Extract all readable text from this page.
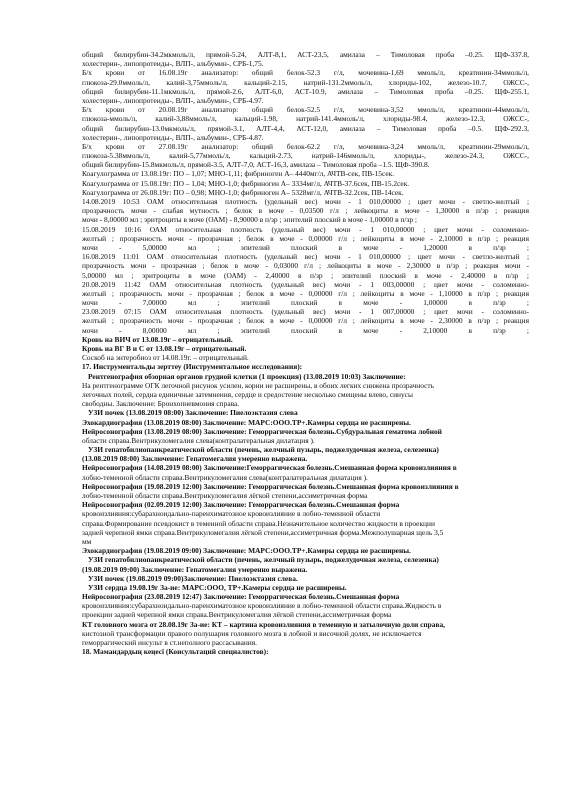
общий билирубин-34.2мкмоль/л, прямой-5.24, АЛТ-8,1, АСТ-23,5, амилаза – Тимоловая проба –0.25. ЩФ-337.8,
холестерин-, липопротеиды-, ВЛП-, альбумин-, СРБ-1,75.
Б/х крови от 16.08.19г анализатор: общий белок-52.3 г/л, мочевина-1,69 ммоль/л, креатинин-34ммоль/л,
глюкоза-29.0ммоль/л, калий-3,75ммоль/л, кальций-2.15, натрий-131.2ммоль/л, хлориды-102, железо-10.7, ОЖСС-,
общий билирубин-11.1мкмоль/л, прямой-2.6, АЛТ-6,0, АСТ-10.9, амилаза – Тимоловая проба –0.25. ЩФ-255.1,
холестерин-, липопротеиды-, ВЛП-, альбумин-, СРБ-4.97.
Б/х крови от 20.08.19г анализатор: общий белок-52.5 г/л, мочевина-3,52 ммоль/л, креатинин-44ммоль/л,
глюкоза-ммоль/л, калий-3,88ммоль/л, кальций-1.98, натрий-141.4ммоль/л, хлориды-98.4, железо-12.3, ОЖСС-,
общий билирубин-13.0мкмоль/л, прямой-3.1, АЛТ-4,4, АСТ-12,0, амилаза – Тимоловая проба –0.5. ЩФ-292.3,
холестерин-, липопротеиды-, ВЛП-, альбумин-, СРБ-4.87.
Б/х крови от 27.08.19г анализатор: общий белок-62.2 г/л, мочевина-3,24 ммоль/л, креатинин-29ммоль/л,
глюкоза-5.38ммоль/л, калий-5,77ммоль/л, кальций-2.73, натрий-146ммоль/л, хлориды-, железо-24.3, ОЖСС-,
общий билирубин-15.8мкмоль/л, прямой-3.5, АЛТ-7,0, АСТ-16,3, амилаза – Тимоловая проба –1.5. ЩФ-390.8.
Коагулограмма от 13.08.19г: ПО – 1,07; МНО-1,11; фибриноген А– 4440мг/л, АЧТВ-сек, ПВ-15сек.
Коагулограмма от 15.08.19г: ПО – 1,04; МНО-1,0; фибриноген А– 3334мг/л, АЧТВ-37.6сек, ПВ-15.2сек.
Коагулограмма от 26.08.19г: ПО – 0,98; МНО-1,0; фибриноген А– 5328мг/л, АЧТВ-32.2сек, ПВ-14сек.
14.08.2019 10:53 ОАМ относительная плотность (удельный вес) мочи - 1 010,00000 ; цвет мочи - светло-желтый ;
прозрачность мочи - слабая мутность ; белок в моче - 0,03500 г/л ; лейкоциты в моче - 1,30000 в п/зр ; реакция
мочи - 8,00000 мл ; эритроциты в моче (ОАМ) - 8,90000 в п/зр ; эпителий плоский в моче - 1,00000 в п/зр ;
15.08.2019 10:16 ОАМ относительная плотность (удельный вес) мочи - 1 010,00000 ; цвет мочи - соломенно-
желтый ; прозрачность мочи - прозрачная ; белок в моче - 0,00000 г/л ; лейкоциты в моче - 2,10000 в п/зр ; реакция
мочи - 5,00000 мл ; эпителий плоский в моче - 1,20000 в п/зр ;
16.08.2019 11:01 ОАМ относительная плотность (удельный вес) мочи - 1 010,00000 ; цвет мочи - светло-желтый ;
прозрачность мочи - прозрачная ; белок в моче - 0,03000 г/л ; лейкоциты в моче - 2,30000 в п/зр ; реакция мочи -
5,00000 мл ; эритроциты в моче (ОАМ) - 2,40000 в п/зр ; эпителий плоский в моче - 2,40000 в п/зр ;
20.08.2019 11:42 ОАМ относительная плотность (удельный вес) мочи - 1 003,00000 ; цвет мочи - соломенно-
желтый ; прозрачность мочи - прозрачная ; белок в моче - 0,00000 г/л ; лейкоциты в моче - 1,10000 в п/зр ; реакция
мочи - 7,00000 мл ; эпителий плоский в моче - 1,00000 в п/зр ;
23.08.2019 07:15 ОАМ относительная плотность (удельный вес) мочи - 1 007,00000 ; цвет мочи - соломенно-
желтый ; прозрачность мочи - прозрачная ; белок в моче - 0,00000 г/л ; лейкоциты в моче - 2,30000 в п/зр ; реакция
мочи - 8,00000 мл ; эпителий плоский в моче - 2,10000 в п/зр ;
Кровь на ВИЧ от 13.08.19г – отрицательный.
Кровь на ВГ В и С от 13.08.19г – отрицательный.
Соскоб на энтеробиоз от 14.08.19г. – отрицательный.
17. Инструментальды зерттеу (Инструментальное исследования):
Рентгенография обзорная органов грудной клетки (1 проекция) (13.08.2019 10:03) Заключение:
На рентгенограмме ОГК легочной рисунок усилен, корни не расширены, в обоих легких снижена прозрачность
легочных полей, сердна единичные затемнения, сердце и средостение несколько смещены влево, синусы
свободны. Заключение: Бронхопневмония справа.
УЗИ почек (13.08.2019 08:00) Заключение: Пиелоэктазия слева
Эхокардиография (13.08.2019 08:00) Заключение: МАРС:ООО.ТР+.Камеры сердца не расширены.
Нейросонография (13.08.2019 08:00) Заключение: Геморрагическая болезнь.Субдуральная гематома лобной
области справа.Вентрикуломегалия слева(контралатеральная дилатация ).
УЗИ гепатобилиопанкреатической области (печень, желчный пузырь, поджелудочная железа, селезенка)
(13.08.2019 08:00) Заключение: Гепатомегалия умеренно выражена.
Нейросонография (14.08.2019 08:00) Заключение:Геморрагическая болезнь.Смешанная форма кровоизлияния в
лобно-теменной области справа.Вентрикуломегалия слева(контралатеральная дилатация ).
Нейросонография (19.08.2019 12:00) Заключение: Геморрагическая болезнь.Смешанная форма кровоизлияния в
лобно-теменной области справа.Вентрикуломегалия лёгкой степени,ассиметричная форма
Нейросонография (02.09.2019 12:00) Заключение: Геморрагическая болезнь.Смешанная форма
кровоизлияния:субарахноидально-паренхиматозное кровоизлияние в лобно-теменной области
справа.Формирование псевдокист в теменной области справа.Незначительное количество жидкости в проекции
задней черепной ямки справа.Вентрикуломегалия лёгкой степени,ассиметричная форма.Межполушарная щель 3,5
мм
Эхокардиография (19.08.2019 09:00) Заключение: МАРС:ООО.ТР+.Камеры сердца не расширены.
УЗИ гепатобилиопанкреатической области (печень, желчный пузырь, поджелудочная железа, селезенка)
(19.08.2019 09:00) Заключение: Гепатомегалия умеренно выражена.
УЗИ почек (19.08.2019 09:00)Заключение: Пиелоэктазия слева.
УЗИ сердца 19.08.19г За-ие: МАРС:ООО, ТР+.Камеры сердца не расширены.
Нейросонография (23.08.2019 12:47) Заключение: Геморрагическая болезнь.Смешанная форма
кровоизлияния:субарахноидально-паренхиматозное кровоизлияние в лобно-теменной области справа.Жидкость в
проекции задней черепной ямки справа.Вентрикуломегалия лёгкой степени,ассиметричная форма
КТ головного мозга от 28.08.19г За-ие: КТ – картина кровоизлияния в теменную и затылочную доли справа,
кистозной трансформации правого полушария головного мозга в лобной и височной долях, не исключается
геморрагический инсульт в ст.неполного рассасывания.
18. Мамандардың кеңесі (Консультаций специалистов):
